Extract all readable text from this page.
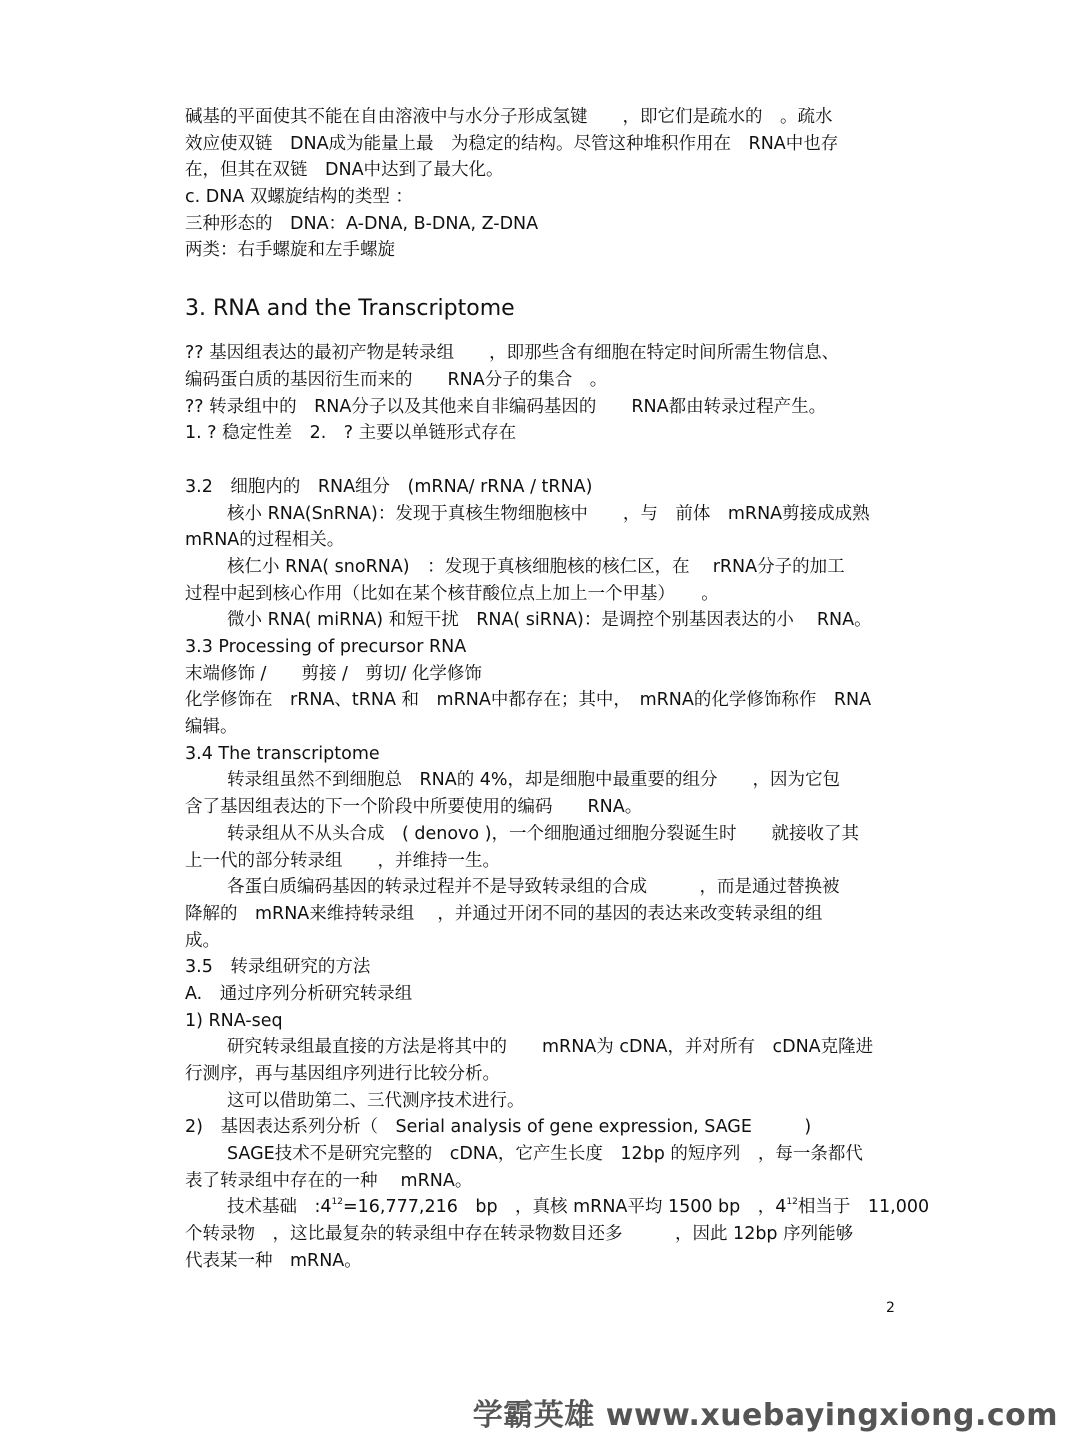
碱基的平面使其不能在自由溶液中与水分子形成氢键　　，即它们是疏水的　。疏水
效应使双链　DNA成为能量上最　为稳定的结构。尽管这种堆积作用在　RNA中也存
在，但其在双链　DNA中达到了最大化。
c. DNA 双螺旋结构的类型 ：
三种形态的　DNA：A-DNA, B-DNA, Z-DNA
两类：右手螺旋和左手螺旋
3. RNA and the Transcriptome
?? 基因组表达的最初产物是转录组　　，即那些含有细胞在特定时间所需生物信息、
编码蛋白质的基因衍生而来的　　RNA分子的集合　。
?? 转录组中的　RNA分子以及其他来自非编码基因的　　RNA都由转录过程产生。
1. ? 稳定性差　2.　? 主要以单链形式存在
3.2　细胞内的　RNA组分　(mRNA/ rRNA / tRNA)
核小 RNA(SnRNA)：发现于真核生物细胞核中　　，与　前体　mRNA剪接成成熟
mRNA的过程相关。
核仁小 RNA( snoRNA)　：发现于真核细胞核的核仁区，在　 rRNA分子的加工
过程中起到核心作用（比如在某个核苷酸位点上加上一个甲基）　　。
微小 RNA( miRNA) 和短干扰　RNA( siRNA)：是调控个别基因表达的小　 RNA。
3.3 Processing of precursor RNA
末端修饰 /　　剪接 /　剪切/ 化学修饰
化学修饰在　rRNA、tRNA 和　mRNA中都存在；其中，　mRNA的化学修饰称作　RNA
编辑。
3.4 The transcriptome
转录组虽然不到细胞总　RNA的 4%，却是细胞中最重要的组分　　，因为它包
含了基因组表达的下一个阶段中所要使用的编码　　RNA。
转录组从不从头合成　( denovo )，一个细胞通过细胞分裂诞生时　　就接收了其
上一代的部分转录组　　，并维持一生。
各蛋白质编码基因的转录过程并不是导致转录组的合成　　　，而是通过替换被
降解的　mRNA来维持转录组　 ，并通过开闭不同的基因的表达来改变转录组的组
成。
3.5　转录组研究的方法
A.　通过序列分析研究转录组
1) RNA-seq
研究转录组最直接的方法是将其中的　　mRNA为 cDNA，并对所有　cDNA克隆进
行测序，再与基因组序列进行比较分析。
这可以借助第二、三代测序技术进行。
2)　基因表达系列分析（　Serial analysis of gene expression, SAGE　　　)
SAGE技术不是研究完整的　cDNA，它产生长度　12bp 的短序列　，每一条都代
表了转录组中存在的一种　 mRNA。
技术基础　$:4^{12}=16,777,216$　bp　，真核 mRNA平均 1500 bp　，$4^{12}$相当于　11,000
个转录物　，这比最复杂的转录组中存在转录物数目还多　　　，因此 12bp 序列能够
代表某一种　mRNA。
2
学霸英雄 www.xuebayingxiong.com
